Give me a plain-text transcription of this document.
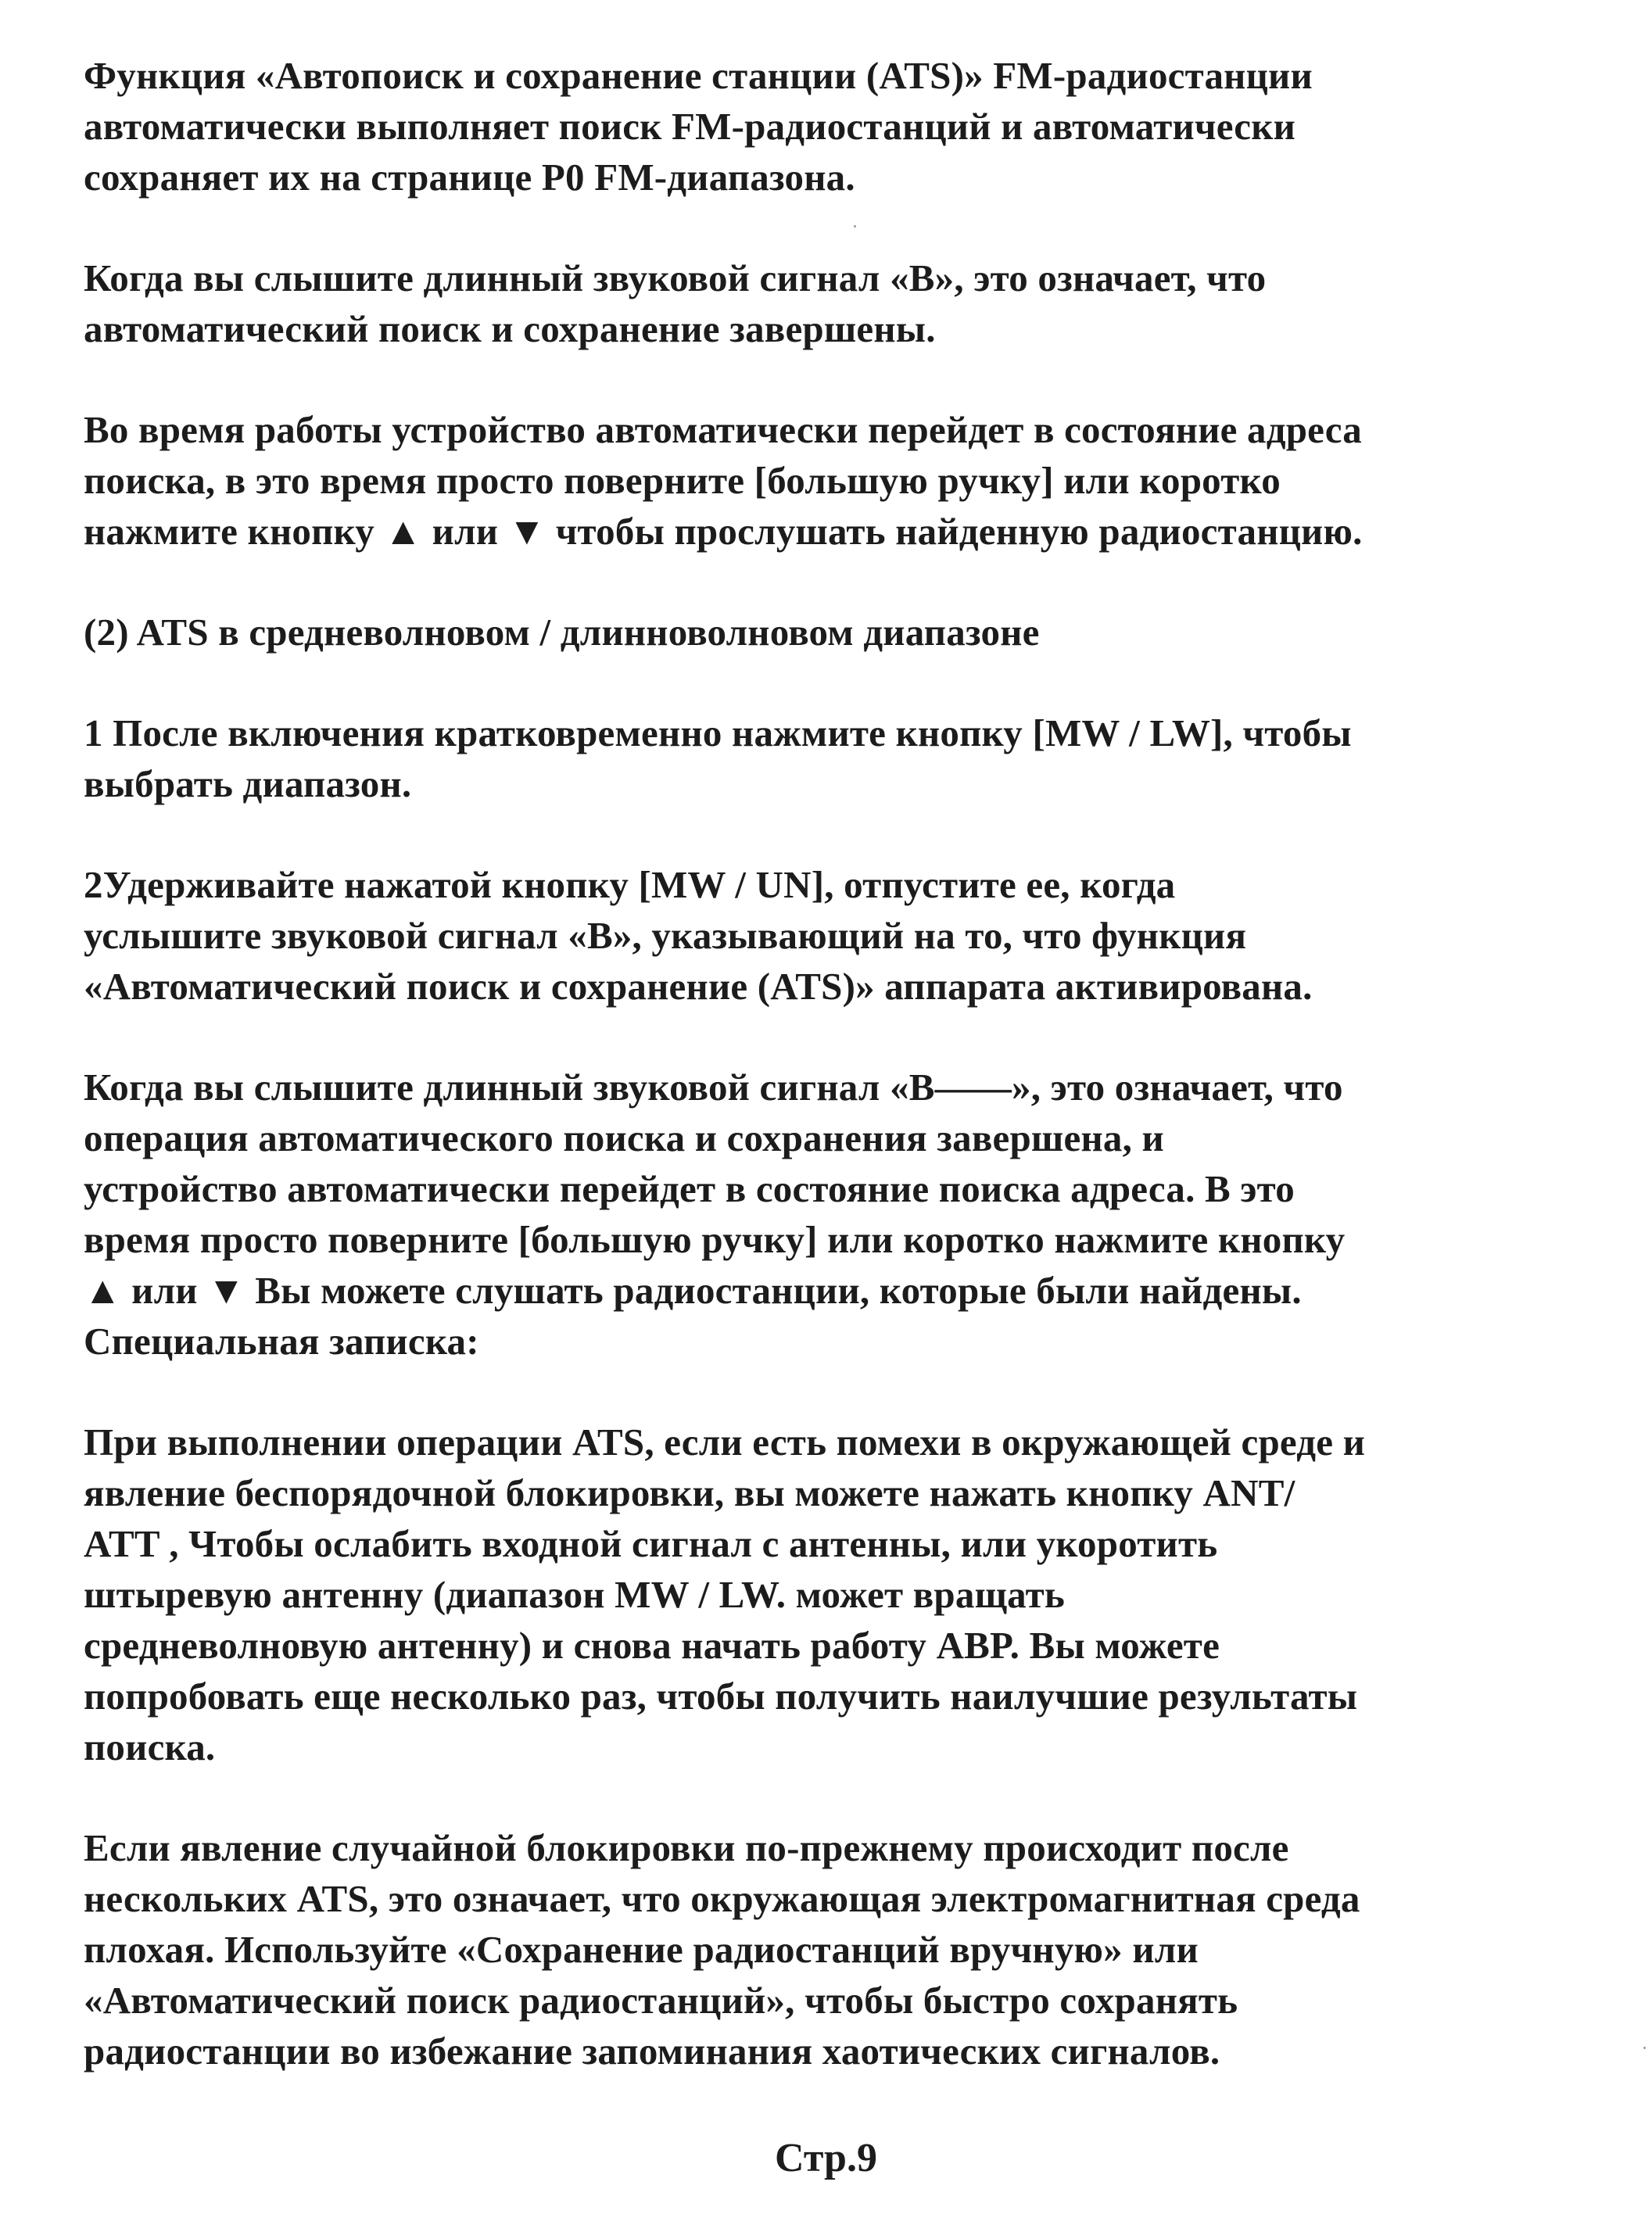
Функция «Автопоиск и сохранение станции (ATS)» FM-радиостанции
автоматически выполняет поиск FM-радиостанций и автоматически
сохраняет их на странице P0 FM-диапазона.
Когда вы слышите длинный звуковой сигнал «B», это означает, что
автоматический поиск и сохранение завершены.
Во время работы устройство автоматически перейдет в состояние адреса
поиска, в это время просто поверните [большую ручку] или коротко
нажмите кнопку ▲ или ▼ чтобы прослушать найденную радиостанцию.
(2) ATS в средневолновом / длинноволновом диапазоне
1 После включения кратковременно нажмите кнопку [MW / LW], чтобы
выбрать диапазон.
2Удерживайте нажатой кнопку [MW / UN], отпустите ее, когда
услышите звуковой сигнал «B», указывающий на то, что функция
«Автоматический поиск и сохранение (ATS)» аппарата активирована.
Когда вы слышите длинный звуковой сигнал «B——», это означает, что
операция автоматического поиска и сохранения завершена, и
устройство автоматически перейдет в состояние поиска адреса. В это
время просто поверните [большую ручку] или коротко нажмите кнопку
▲ или ▼ Вы можете слушать радиостанции, которые были найдены.
Специальная записка:
При выполнении операции ATS, если есть помехи в окружающей среде и
явление беспорядочной блокировки, вы можете нажать кнопку ANT/
ATT , Чтобы ослабить входной сигнал с антенны, или укоротить
штыревую антенну (диапазон MW / LW. может вращать
средневолновую антенну) и снова начать работу ABP. Вы можете
попробовать еще несколько раз, чтобы получить наилучшие результаты
поиска.
Если явление случайной блокировки по-прежнему происходит после
нескольких ATS, это означает, что окружающая электромагнитная среда
плохая. Используйте «Сохранение радиостанций вручную» или
«Автоматический поиск радиостанций», чтобы быстро сохранять
радиостанции во избежание запоминания хаотических сигналов.
Стр.9
